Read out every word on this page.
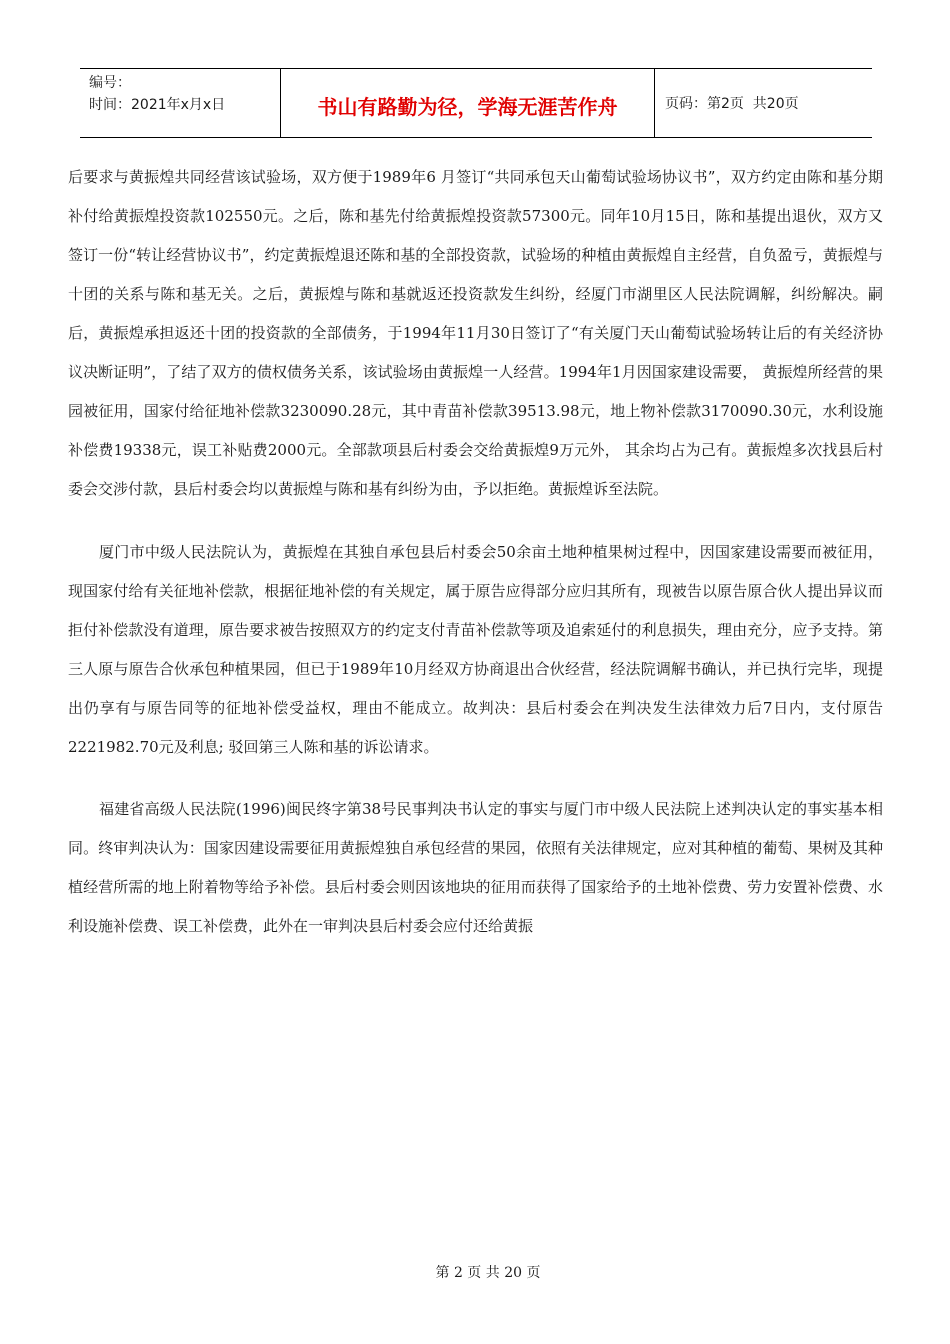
编号：
时间：2021年x月x日	书山有路勤为径，学海无涯苦作舟	页码：第2页  共20页

后要求与黄振煌共同经营该试验场，双方便于1989年6 月签订“共同承包天山葡萄试验场协议书”，双方约定由陈和基分期补付给黄振煌投资款102550元。之后，陈和基先付给黄振煌投资款57300元。同年10月15日，陈和基提出退伙，双方又签订一份“转让经营协议书”，约定黄振煌退还陈和基的全部投资款，试验场的种植由黄振煌自主经营，自负盈亏，黄振煌与十团的关系与陈和基无关。之后，黄振煌与陈和基就返还投资款发生纠纷，经厦门市湖里区人民法院调解，纠纷解决。嗣后，黄振煌承担返还十团的投资款的全部债务，于1994年11月30日签订了“有关厦门天山葡萄试验场转让后的有关经济协议决断证明”，了结了双方的债权债务关系，该试验场由黄振煌一人经营。1994年1月因国家建设需要， 黄振煌所经营的果园被征用，国家付给征地补偿款3230090.28元，其中青苗补偿款39513.98元，地上物补偿款3170090.30元，水利设施补偿费19338元，误工补贴费2000元。全部款项县后村委会交给黄振煌9万元外， 其余均占为己有。黄振煌多次找县后村委会交涉付款，县后村委会均以黄振煌与陈和基有纠纷为由，予以拒绝。黄振煌诉至法院。

厦门市中级人民法院认为，黄振煌在其独自承包县后村委会50余亩土地种植果树过程中，因国家建设需要而被征用，现国家付给有关征地补偿款，根据征地补偿的有关规定，属于原告应得部分应归其所有，现被告以原告原合伙人提出异议而拒付补偿款没有道理，原告要求被告按照双方的约定支付青苗补偿款等项及追索延付的利息损失，理由充分，应予支持。第三人原与原告合伙承包种植果园，但已于1989年10月经双方协商退出合伙经营，经法院调解书确认，并已执行完毕，现提出仍享有与原告同等的征地补偿受益权，理由不能成立。故判决：县后村委会在判决发生法律效力后7日内，支付原告2221982.70元及利息; 驳回第三人陈和基的诉讼请求。

福建省高级人民法院(1996)闽民终字第38号民事判决书认定的事实与厦门市中级人民法院上述判决认定的事实基本相同。终审判决认为：国家因建设需要征用黄振煌独自承包经营的果园，依照有关法律规定，应对其种植的葡萄、果树及其种植经营所需的地上附着物等给予补偿。县后村委会则因该地块的征用而获得了国家给予的土地补偿费、劳力安置补偿费、水利设施补偿费、误工补偿费，此外在一审判决县后村委会应付还给黄振

第 2 页 共 20 页
